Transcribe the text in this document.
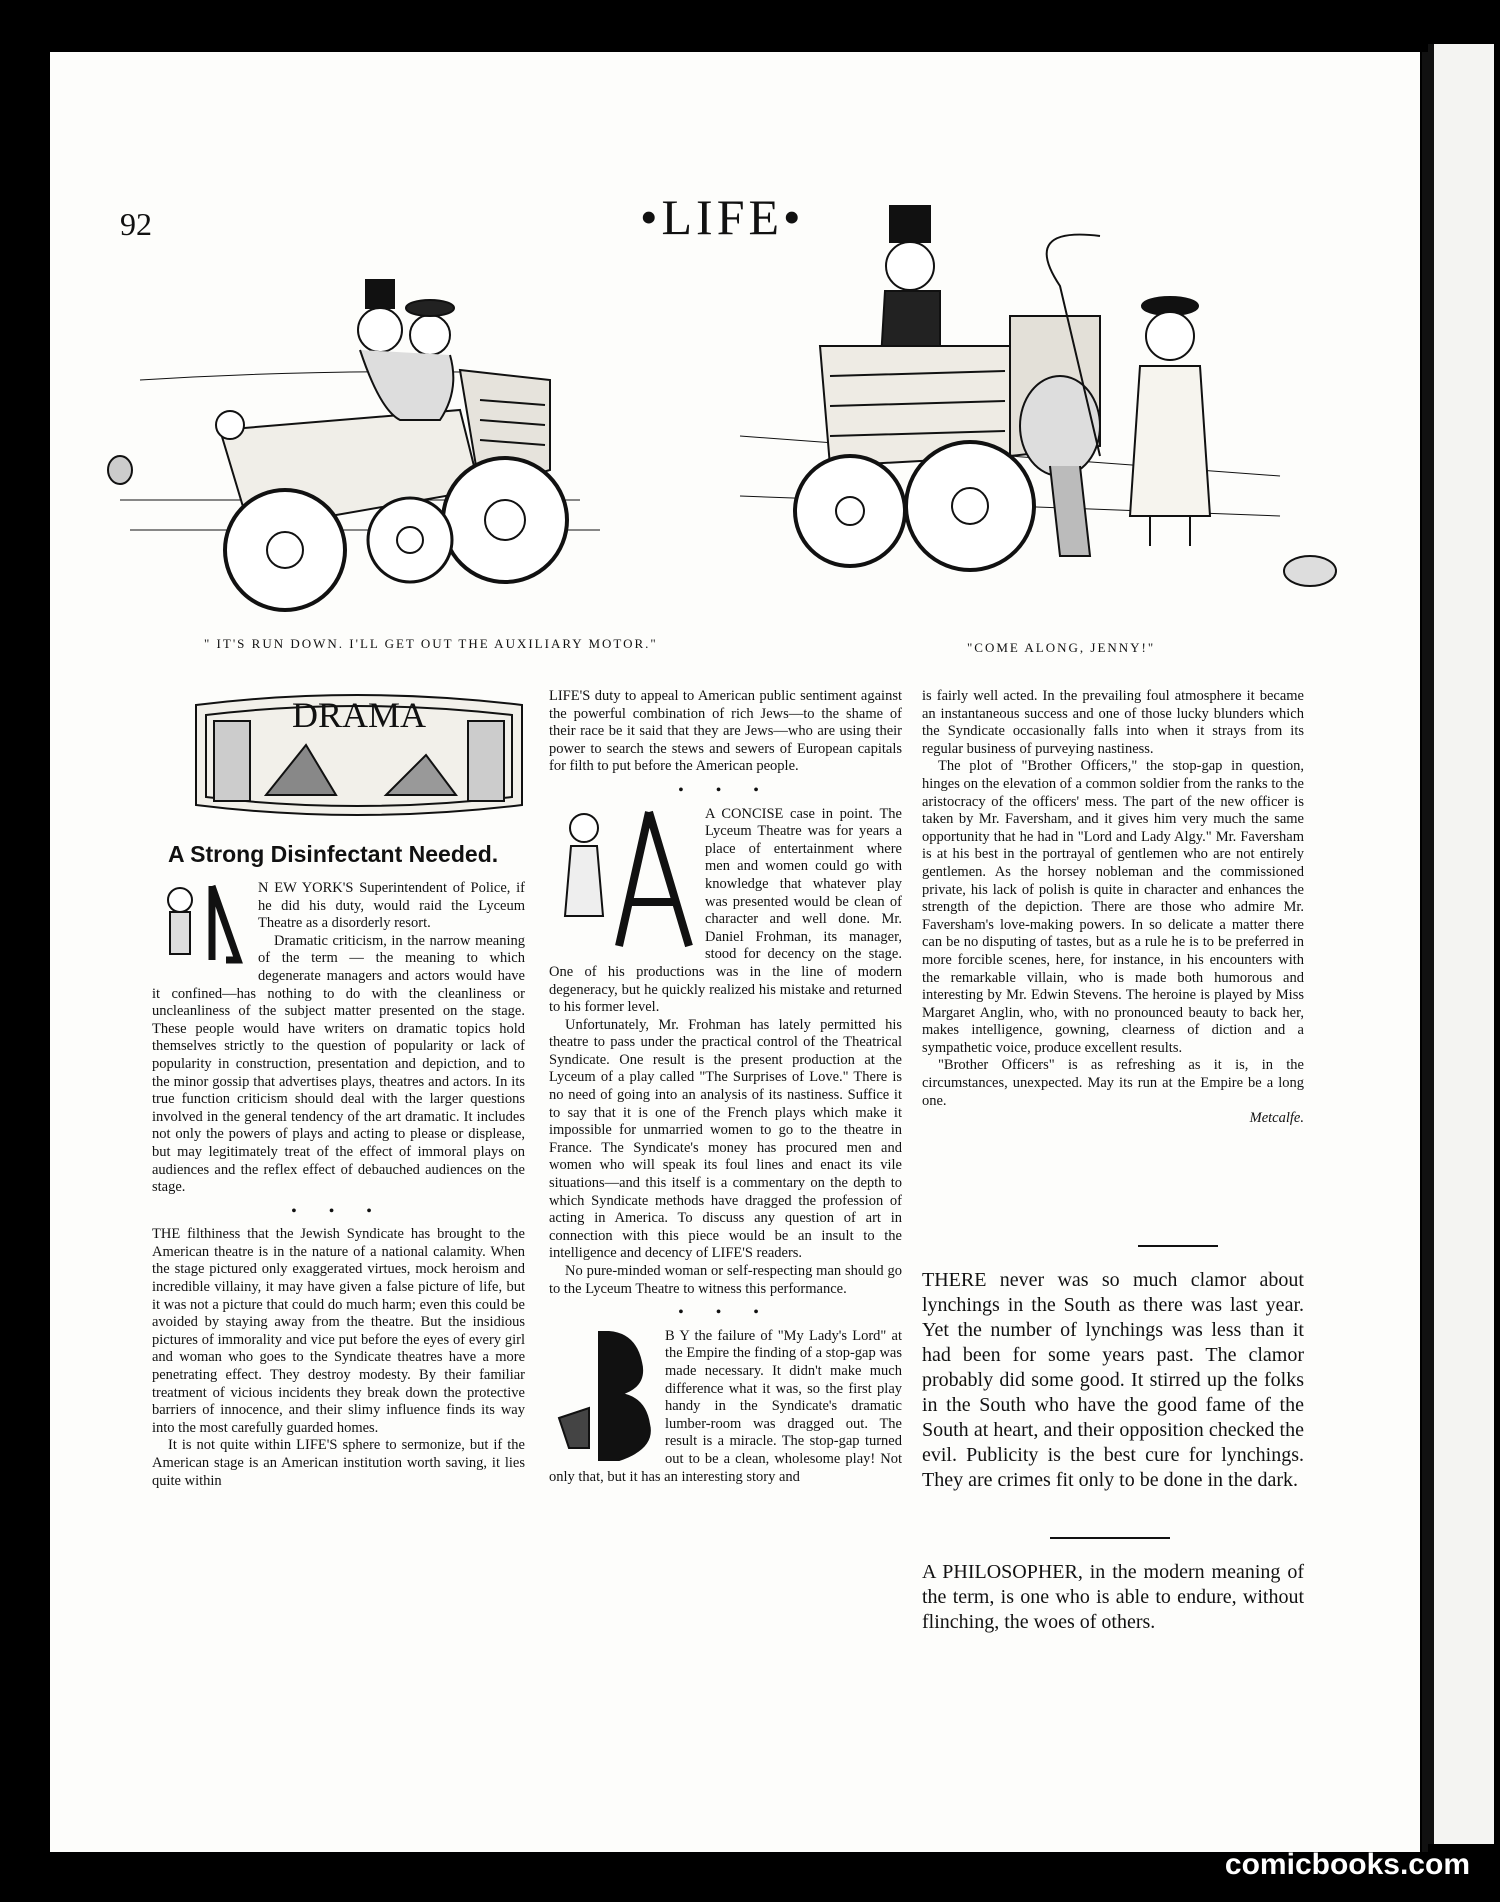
92	•LIFE•
" IT'S RUN DOWN. I'LL GET OUT THE AUXILIARY MOTOR."	"COME ALONG, JENNY!"
DRAMA
A Strong Disinfectant Needed.

N EW YORK'S Superintendent of Police, if he did his duty, would raid the Lyceum Theatre as a disorderly resort.

Dramatic criticism, in the narrow meaning of the term — the meaning to which degenerate managers and actors would have it confined—has nothing to do with the cleanliness or uncleanliness of the subject matter presented on the stage. These people would have writers on dramatic topics hold themselves strictly to the question of popularity or lack of popularity in construction, presentation and depiction, and to the minor gossip that advertises plays, theatres and actors. In its true function criticism should deal with the larger questions involved in the general tendency of the art dramatic. It includes not only the powers of plays and acting to please or displease, but may legitimately treat of the effect of immoral plays on audiences and the reflex effect of debauched audiences on the stage.

• • •

THE filthiness that the Jewish Syndicate has brought to the American theatre is in the nature of a national calamity. When the stage pictured only exaggerated virtues, mock heroism and incredible villainy, it may have given a false picture of life, but it was not a picture that could do much harm; even this could be avoided by staying away from the theatre. But the insidious pictures of immorality and vice put before the eyes of every girl and woman who goes to the Syndicate theatres have a more penetrating effect. They destroy modesty. By their familiar treatment of vicious incidents they break down the protective barriers of innocence, and their slimy influence finds its way into the most carefully guarded homes.

It is not quite within LIFE'S sphere to sermonize, but if the American stage is an American institution worth saving, it lies quite within

LIFE'S duty to appeal to American public sentiment against the powerful combination of rich Jews—to the shame of their race be it said that they are Jews—who are using their power to search the stews and sewers of European capitals for filth to put before the American people.

• • •

A CONCISE case in point. The Lyceum Theatre was for years a place of entertainment where men and women could go with knowledge that whatever play was presented would be clean of character and well done. Mr. Daniel Frohman, its manager, stood for decency on the stage. One of his productions was in the line of modern degeneracy, but he quickly realized his mistake and returned to his former level.

Unfortunately, Mr. Frohman has lately permitted his theatre to pass under the practical control of the Theatrical Syndicate. One result is the present production at the Lyceum of a play called "The Surprises of Love." There is no need of going into an analysis of its nastiness. Suffice it to say that it is one of the French plays which make it impossible for unmarried women to go to the theatre in France. The Syndicate's money has procured men and women who will speak its foul lines and enact its vile situations—and this itself is a commentary on the depth to which Syndicate methods have dragged the profession of acting in America. To discuss any question of art in connection with this piece would be an insult to the intelligence and decency of LIFE'S readers.

No pure-minded woman or self-respecting man should go to the Lyceum Theatre to witness this performance.

• • •

B Y the failure of "My Lady's Lord" at the Empire the finding of a stop-gap was made necessary. It didn't make much difference what it was, so the first play handy in the Syndicate's dramatic lumber-room was dragged out. The result is a miracle. The stop-gap turned out to be a clean, wholesome play! Not only that, but it has an interesting story and

is fairly well acted. In the prevailing foul atmosphere it became an instantaneous success and one of those lucky blunders which the Syndicate occasionally falls into when it strays from its regular business of purveying nastiness.

The plot of "Brother Officers," the stop-gap in question, hinges on the elevation of a common soldier from the ranks to the aristocracy of the officers' mess. The part of the new officer is taken by Mr. Faversham, and it gives him very much the same opportunity that he had in "Lord and Lady Algy." Mr. Faversham is at his best in the portrayal of gentlemen who are not entirely gentlemen. As the horsey nobleman and the commissioned private, his lack of polish is quite in character and enhances the strength of the depiction. There are those who admire Mr. Faversham's love-making powers. In so delicate a matter there can be no disputing of tastes, but as a rule he is to be preferred in more forcible scenes, here, for instance, in his encounters with the remarkable villain, who is made both humorous and interesting by Mr. Edwin Stevens. The heroine is played by Miss Margaret Anglin, who, with no pronounced beauty to back her, makes intelligence, gowning, clearness of diction and a sympathetic voice, produce excellent results.

"Brother Officers" is as refreshing as it is, in the circumstances, unexpected. May its run at the Empire be a long one.

Metcalfe.

THERE never was so much clamor about lynchings in the South as there was last year. Yet the number of lynchings was less than it had been for some years past. The clamor probably did some good. It stirred up the folks in the South who have the good fame of the South at heart, and their opposition checked the evil. Publicity is the best cure for lynchings. They are crimes fit only to be done in the dark.

A PHILOSOPHER, in the modern meaning of the term, is one who is able to endure, without flinching, the woes of others.

comicbooks.com
